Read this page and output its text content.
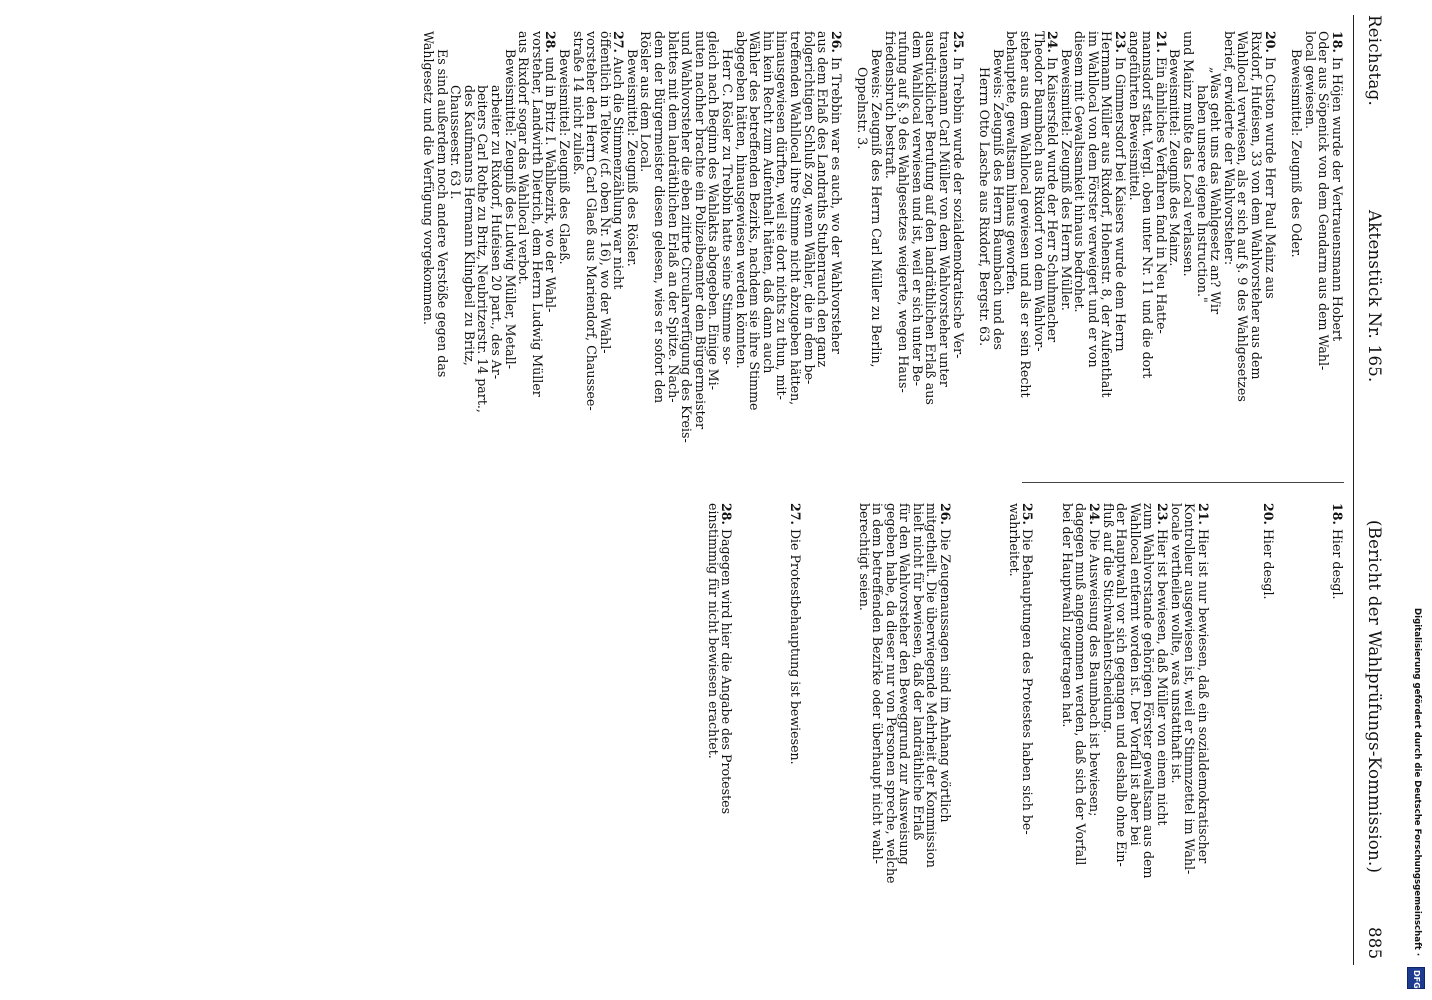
Reichstag.
Aktenstück Nr. 165.
(Bericht der Wahlprüfungs-Kommission.)
885

18. In Höjen wurde der Vertrauensmann Hobert

Oder aus Söpenick von dem Gendarm aus dem Wahl-

local gewiesen.

Beweismittel: Zeugniß des Oder.

20. In Custon wurde Herr Paul Mainz aus

Rixdorf, Hufeisen, 33 von dem Wahlvorsteher aus dem

Wahllocal verwiesen, als er sich auf §. 9 des Wahlgesetzes

berief, erwiderte der Wahlvorsteher:

„Was geht uns das Wahlgesetz an? Wir

haben unsere eigene Instruction."

und Mainz mußte das Local verlassen.

Beweismittel: Zeugniß des Mainz.

21. Ein ähnliches Verfahren fand in Neu Hatte-

mannsdorf statt. Vergl. oben unter Nr. 11 und die dort

angeführten Beweismittel.

23. In Gimmersdorf bei Kaisers wurde dem Herrn

Hermann Müller aus Rixdorf, Hohenstr. 8, der Aufenthalt

im Wahllocal von dem Förster verweigert und er von

diesem mit Gewaltsamkeit hinaus bedrohet.

Beweismittel: Zeugniß des Herrn Müller.

24. In Kaisersfeld wurde der Herr Schuhmacher

Theodor Baumbach aus Rixdorf von dem Wahlvor-

steher aus dem Wahllocal gewiesen und als er sein Recht

behauptete, gewaltsam hinaus geworfen.

Beweis: Zeugniß des Herrn Baumbach und des

Herrn Otto Lasche aus Rixdorf, Bergstr. 63.

25. In Trebbin wurde der sozialdemokratische Ver-

trauensmann Carl Müller von dem Wahlvorsteher unter

ausdrücklicher Berufung auf den landräthlichen Erlaß aus

dem Wahllocal verwiesen und ist, weil er sich unter Be-

rufung auf §. 9 des Wahlgesetzes weigerte, wegen Haus-

friedensbruch bestraft.

Beweis: Zeugniß des Herrn Carl Müller zu Berlin,

Oppelnstr. 3.

26. In Trebbin war es auch, wo der Wahlvorsteher

aus dem Erlaß des Landraths Stubenrauch den ganz

folgerichtigen Schluß zog, wenn Wähler, die in dem be-

treffenden Wahllocal ihre Stimme nicht abzugeben hätten,

hinausgewiesen dürften, weil sie dort nichts zu thun, mit-

hin kein Recht zum Aufenthalt hätten, daß dann auch

Wähler des betreffenden Bezirks, nachdem sie ihre Stimme

abgegeben hätten, hinausgewiesen werden könnten.

Herr C. Rösler zu Trebbin hatte seine Stimme so-

gleich nach Beginn des Wahlakts abgegeben. Einige Mi-

nuten nachher brachte ein Polizeibeamter dem Bürgermeister

und Wahlvorsteher die eben zitirte Circularverfügung des Kreis-

blattes mit dem landräthlichen Erlaß an der Spitze. Nach-

dem der Bürgermeister diesen gelesen, wies er sofort den

Rösler aus dem Local.

Beweismittel: Zeugniß des Rösler.

27. Auch die Stimmenzählung war nicht

öffentlich in Teltow (cf. oben Nr. 16), wo der Wahl-

vorsteher den Herrn Carl Glaeß aus Mariendorf, Chaussee-

straße 14 nicht zuließ.

Beweismittel: Zeugniß des Glaeß.

28. und in Britz I. Wahlbezirk, wo der Wahl-

vorsteher, Landwirth Dietrich, dem Herrn Ludwig Müller

aus Rixdorf sogar das Wahllocal verbot.

Beweismittel: Zeugniß des Ludwig Müller, Metall-

arbeiter zu Rixdorf, Hufeisen 20 part., des Ar-

beiters Carl Rothe zu Britz, Neubritzerstr. 14 part.,

des Kaufmanns Hermann Klingbeil zu Britz,

Chausseestr. 63 I.

Es sind außerdem noch andere Verstöße gegen das

Wahlgesetz und die Verfügung vorgekommen.

18. Hier desgl.

20. Hier desgl.

21. Hier ist nur bewiesen, daß ein sozialdemokratischer

Kontrolleur ausgewiesen ist, weil er Stimmzettel im Wahl-

locale vertheilen wollte, was unstatthaft ist.

23. Hier ist bewiesen, daß Müller von einem nicht

zum Wahlvorstande gehörigen Förster gewaltsam aus dem

Wahllocal entfernt worden ist. Der Vorfall ist aber bei

der Hauptwahl vor sich gegangen und deshalb ohne Ein-

fluß auf die Stichwahlentscheidung.

24. Die Ausweisung des Baumbach ist bewiesen;

dagegen muß angenommen werden, daß sich der Vorfall

bei der Hauptwahl zugetragen hat.

25. Die Behauptungen des Protestes haben sich be-

wahrheitet.

26. Die Zeugenaussagen sind im Anhang wörtlich

mitgetheilt. Die überwiegende Mehrheit der Kommission

hielt nicht für bewiesen, daß der landräthliche Erlaß

für den Wahlvorsteher den Beweggrund zur Ausweisung

gegeben habe, da dieser nur von Personen spreche, welche

in dem betreffenden Bezirke oder überhaupt nicht wahl-

berechtigt seien.

27. Die Protestbehauptung ist bewiesen.

28. Dagegen wird hier die Angabe des Protestes

einstimmig für nicht bewiesen erachtet.	Digitalisierung gefördert durch die Deutsche Forschungsgemeinschaft ·
DFG
